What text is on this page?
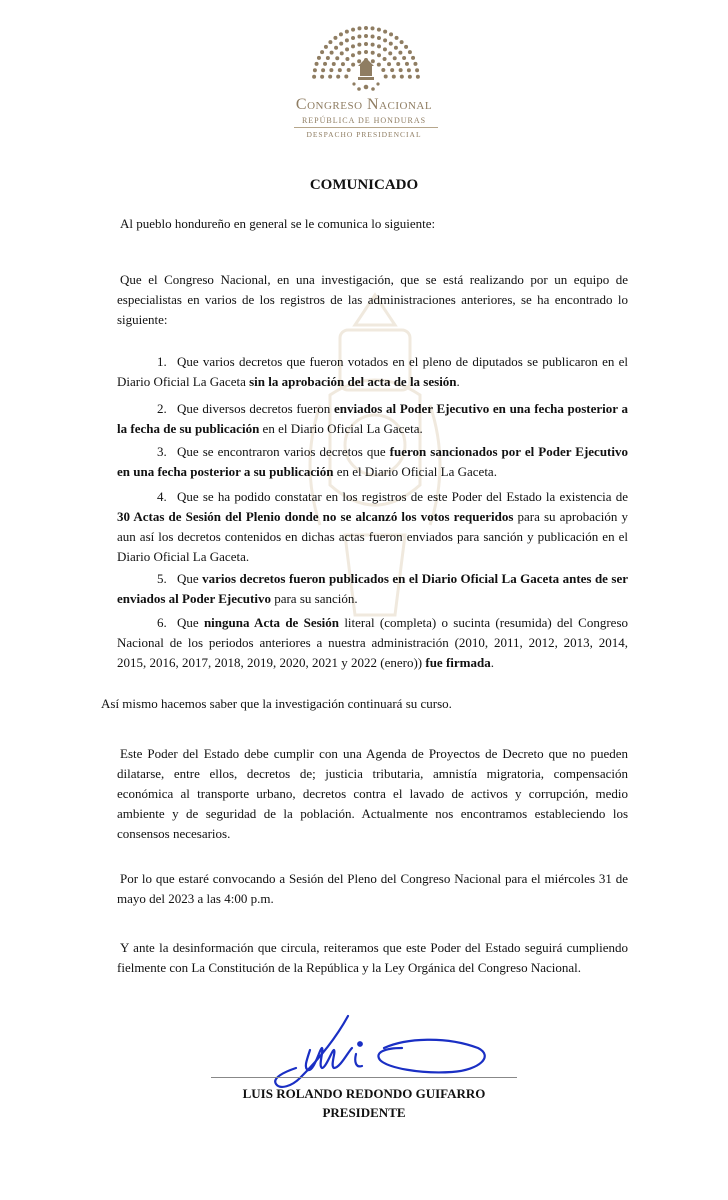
Congreso Nacional
REPÚBLICA DE HONDURAS
DESPACHO PRESIDENCIAL
COMUNICADO
Al pueblo hondureño en general se le comunica lo siguiente:
Que el Congreso Nacional, en una investigación, que se está realizando por un equipo de especialistas en varios de los registros de las administraciones anteriores, se ha encontrado lo siguiente:
1. Que varios decretos que fueron votados en el pleno de diputados se publicaron en el Diario Oficial La Gaceta sin la aprobación del acta de la sesión.
2. Que diversos decretos fueron enviados al Poder Ejecutivo en una fecha posterior a la fecha de su publicación en el Diario Oficial La Gaceta.
3. Que se encontraron varios decretos que fueron sancionados por el Poder Ejecutivo en una fecha posterior a su publicación en el Diario Oficial La Gaceta.
4. Que se ha podido constatar en los registros de este Poder del Estado la existencia de 30 Actas de Sesión del Plenio donde no se alcanzó los votos requeridos para su aprobación y aun así los decretos contenidos en dichas actas fueron enviados para sanción y publicación en el Diario Oficial La Gaceta.
5. Que varios decretos fueron publicados en el Diario Oficial La Gaceta antes de ser enviados al Poder Ejecutivo para su sanción.
6. Que ninguna Acta de Sesión literal (completa) o sucinta (resumida) del Congreso Nacional de los periodos anteriores a nuestra administración (2010, 2011, 2012, 2013, 2014, 2015, 2016, 2017, 2018, 2019, 2020, 2021 y 2022 (enero)) fue firmada.
Así mismo hacemos saber que la investigación continuará su curso.
Este Poder del Estado debe cumplir con una Agenda de Proyectos de Decreto que no pueden dilatarse, entre ellos, decretos de; justicia tributaria, amnistía migratoria, compensación económica al transporte urbano, decretos contra el lavado de activos y corrupción, medio ambiente y de seguridad de la población. Actualmente nos encontramos estableciendo los consensos necesarios.
Por lo que estaré convocando a Sesión del Pleno del Congreso Nacional para el miércoles 31 de mayo del 2023 a las 4:00 p.m.
Y ante la desinformación que circula, reiteramos que este Poder del Estado seguirá cumpliendo fielmente con La Constitución de la República y la Ley Orgánica del Congreso Nacional.
LUIS ROLANDO REDONDO GUIFARRO
PRESIDENTE
